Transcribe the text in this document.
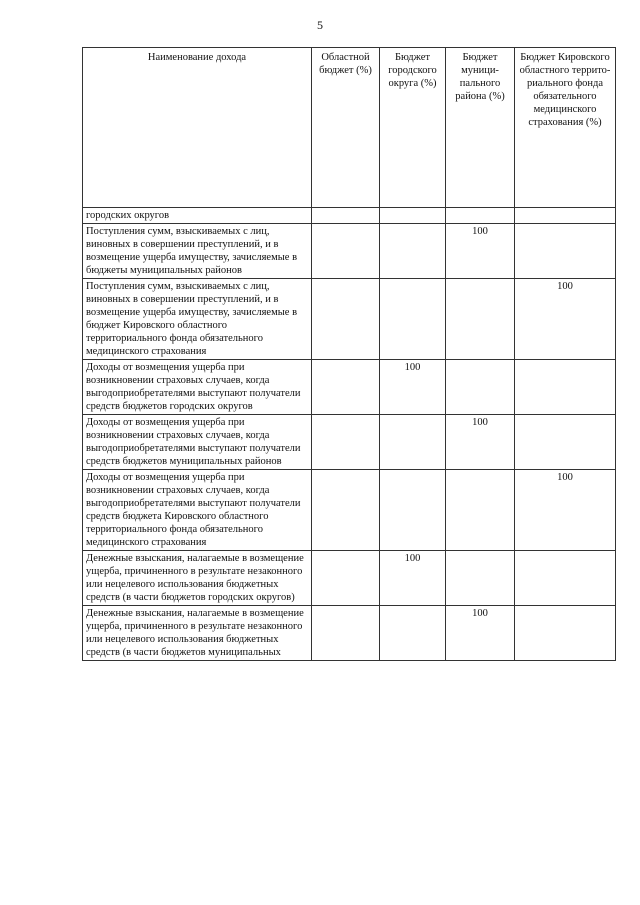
5
Наименование дохода	Областной бюджет (%)	Бюджет городского округа (%)	Бюджет муници-пального района (%)	Бюджет Кировского областного террито-риального фонда обязательного медицинского страхования (%)
городских округов				
Поступления сумм, взыскиваемых с лиц, виновных в совершении преступлений, и в возмещение ущерба имуществу, зачисляемые в бюджеты муниципальных районов			100	
Поступления сумм, взыскиваемых с лиц, виновных в совершении преступлений, и в возмещение ущерба имуществу, зачисляемые в бюджет Кировского областного территориального фонда обязательного медицинского страхования				100
Доходы от возмещения ущерба при возникновении страховых случаев, когда выгодоприобретателями выступают получатели средств бюджетов городских округов		100		
Доходы от возмещения ущерба при возникновении страховых случаев, когда выгодоприобретателями выступают получатели средств бюджетов муниципальных районов			100	
Доходы от возмещения ущерба при возникновении страховых случаев, когда выгодоприобретателями выступают получатели средств бюджета Кировского областного территориального фонда обязательного медицинского страхования				100
Денежные взыскания, налагаемые в возмещение ущерба, причиненного в результате незаконного или нецелевого использования бюджетных средств (в части бюджетов городских округов)		100		
Денежные взыскания, налагаемые в возмещение ущерба, причиненного в результате незаконного или нецелевого использования бюджетных средств (в части бюджетов муниципальных			100	
